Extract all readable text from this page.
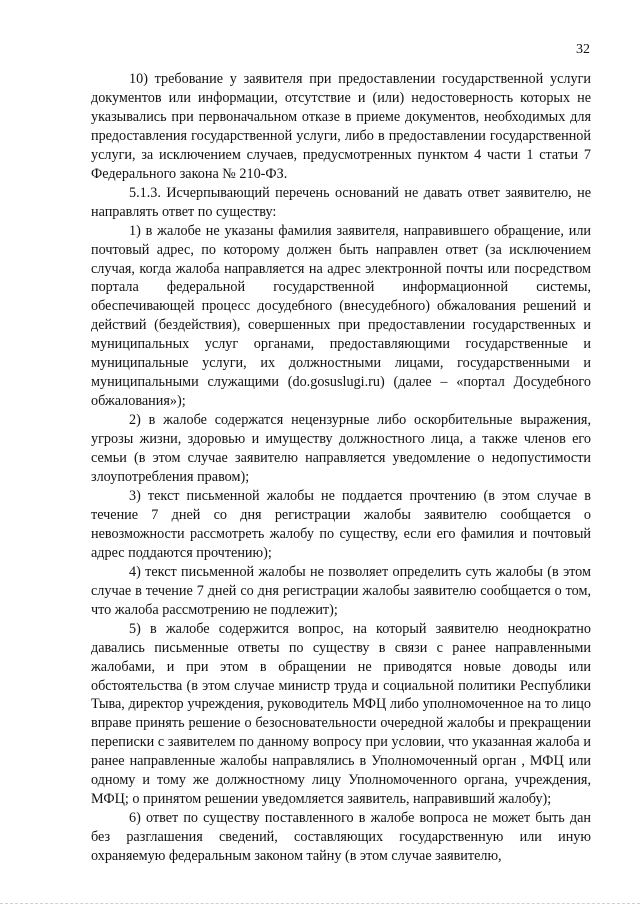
32

10) требование у заявителя при предоставлении государственной услуги документов или информации, отсутствие и (или) недостоверность которых не указывались при первоначальном отказе в приеме документов, необходимых для предоставления государственной услуги, либо в предоставлении государственной услуги, за исключением случаев, предусмотренных пунктом 4 части 1 статьи 7 Федерального закона № 210-ФЗ.

5.1.3. Исчерпывающий перечень оснований не давать ответ заявителю, не направлять ответ по существу:

1) в жалобе не указаны фамилия заявителя, направившего обращение, или почтовый адрес, по которому должен быть направлен ответ (за исключением случая, когда жалоба направляется на адрес электронной почты или посредством портала федеральной государственной информационной системы, обеспечивающей процесс досудебного (внесудебного) обжалования решений и действий (бездействия), совершенных при предоставлении государственных и муниципальных услуг органами, предоставляющими государственные и муниципальные услуги, их должностными лицами, государственными и муниципальными служащими (do.gosuslugi.ru) (далее – «портал Досудебного обжалования»);

2) в жалобе содержатся нецензурные либо оскорбительные выражения, угрозы жизни, здоровью и имуществу должностного лица, а также членов его семьи (в этом случае заявителю направляется уведомление о недопустимости злоупотребления правом);

3) текст письменной жалобы не поддается прочтению (в этом случае в течение 7 дней со дня регистрации жалобы заявителю сообщается о невозможности рассмотреть жалобу по существу, если его фамилия и почтовый адрес поддаются прочтению);

4) текст письменной жалобы не позволяет определить суть жалобы (в этом случае в течение 7 дней со дня регистрации жалобы заявителю сообщается о том, что жалоба рассмотрению не подлежит);

5) в жалобе содержится вопрос, на который заявителю неоднократно давались письменные ответы по существу в связи с ранее направленными жалобами, и при этом в обращении не приводятся новые доводы или обстоятельства (в этом случае министр труда и социальной политики Республики Тыва, директор учреждения, руководитель МФЦ либо уполномоченное на то лицо вправе принять решение о безосновательности очередной жалобы и прекращении переписки с заявителем по данному вопросу при условии, что указанная жалоба и ранее направленные жалобы направлялись в Уполномоченный орган , МФЦ или одному и тому же должностному лицу Уполномоченного органа, учреждения, МФЦ; о принятом решении уведомляется заявитель, направивший жалобу);

6) ответ по существу поставленного в жалобе вопроса не может быть дан без разглашения сведений, составляющих государственную или иную охраняемую федеральным законом тайну (в этом случае заявителю,
